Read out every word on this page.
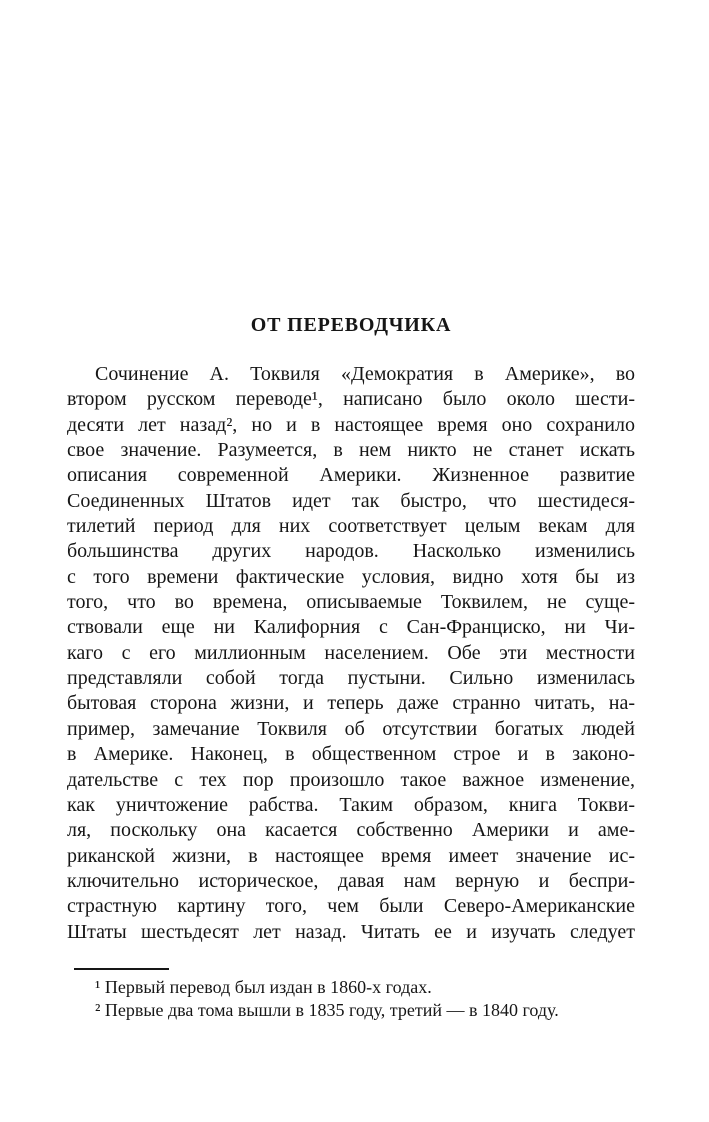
ОТ ПЕРЕВОДЧИКА
Сочинение А. Токвиля «Демократия в Америке», во
втором русском переводе¹, написано было около шести-
десяти лет назад², но и в настоящее время оно сохранило
свое значение. Разумеется, в нем никто не станет искать
описания современной Америки. Жизненное развитие
Соединенных Штатов идет так быстро, что шестидеся-
тилетий период для них соответствует целым векам для
большинства других народов. Насколько изменились
с того времени фактические условия, видно хотя бы из
того, что во времена, описываемые Токвилем, не суще-
ствовали еще ни Калифорния с Сан-Франциско, ни Чи-
каго с его миллионным населением. Обе эти местности
представляли собой тогда пустыни. Сильно изменилась
бытовая сторона жизни, и теперь даже странно читать, на-
пример, замечание Токвиля об отсутствии богатых людей
в Америке. Наконец, в общественном строе и в законо-
дательстве с тех пор произошло такое важное изменение,
как уничтожение рабства. Таким образом, книга Токви-
ля, поскольку она касается собственно Америки и аме-
риканской жизни, в настоящее время имеет значение ис-
ключительно историческое, давая нам верную и беспри-
страстную картину того, чем были Северо-Американские
Штаты шестьдесят лет назад. Читать ее и изучать следует
¹ Первый перевод был издан в 1860-х годах.
² Первые два тома вышли в 1835 году, третий — в 1840 году.
